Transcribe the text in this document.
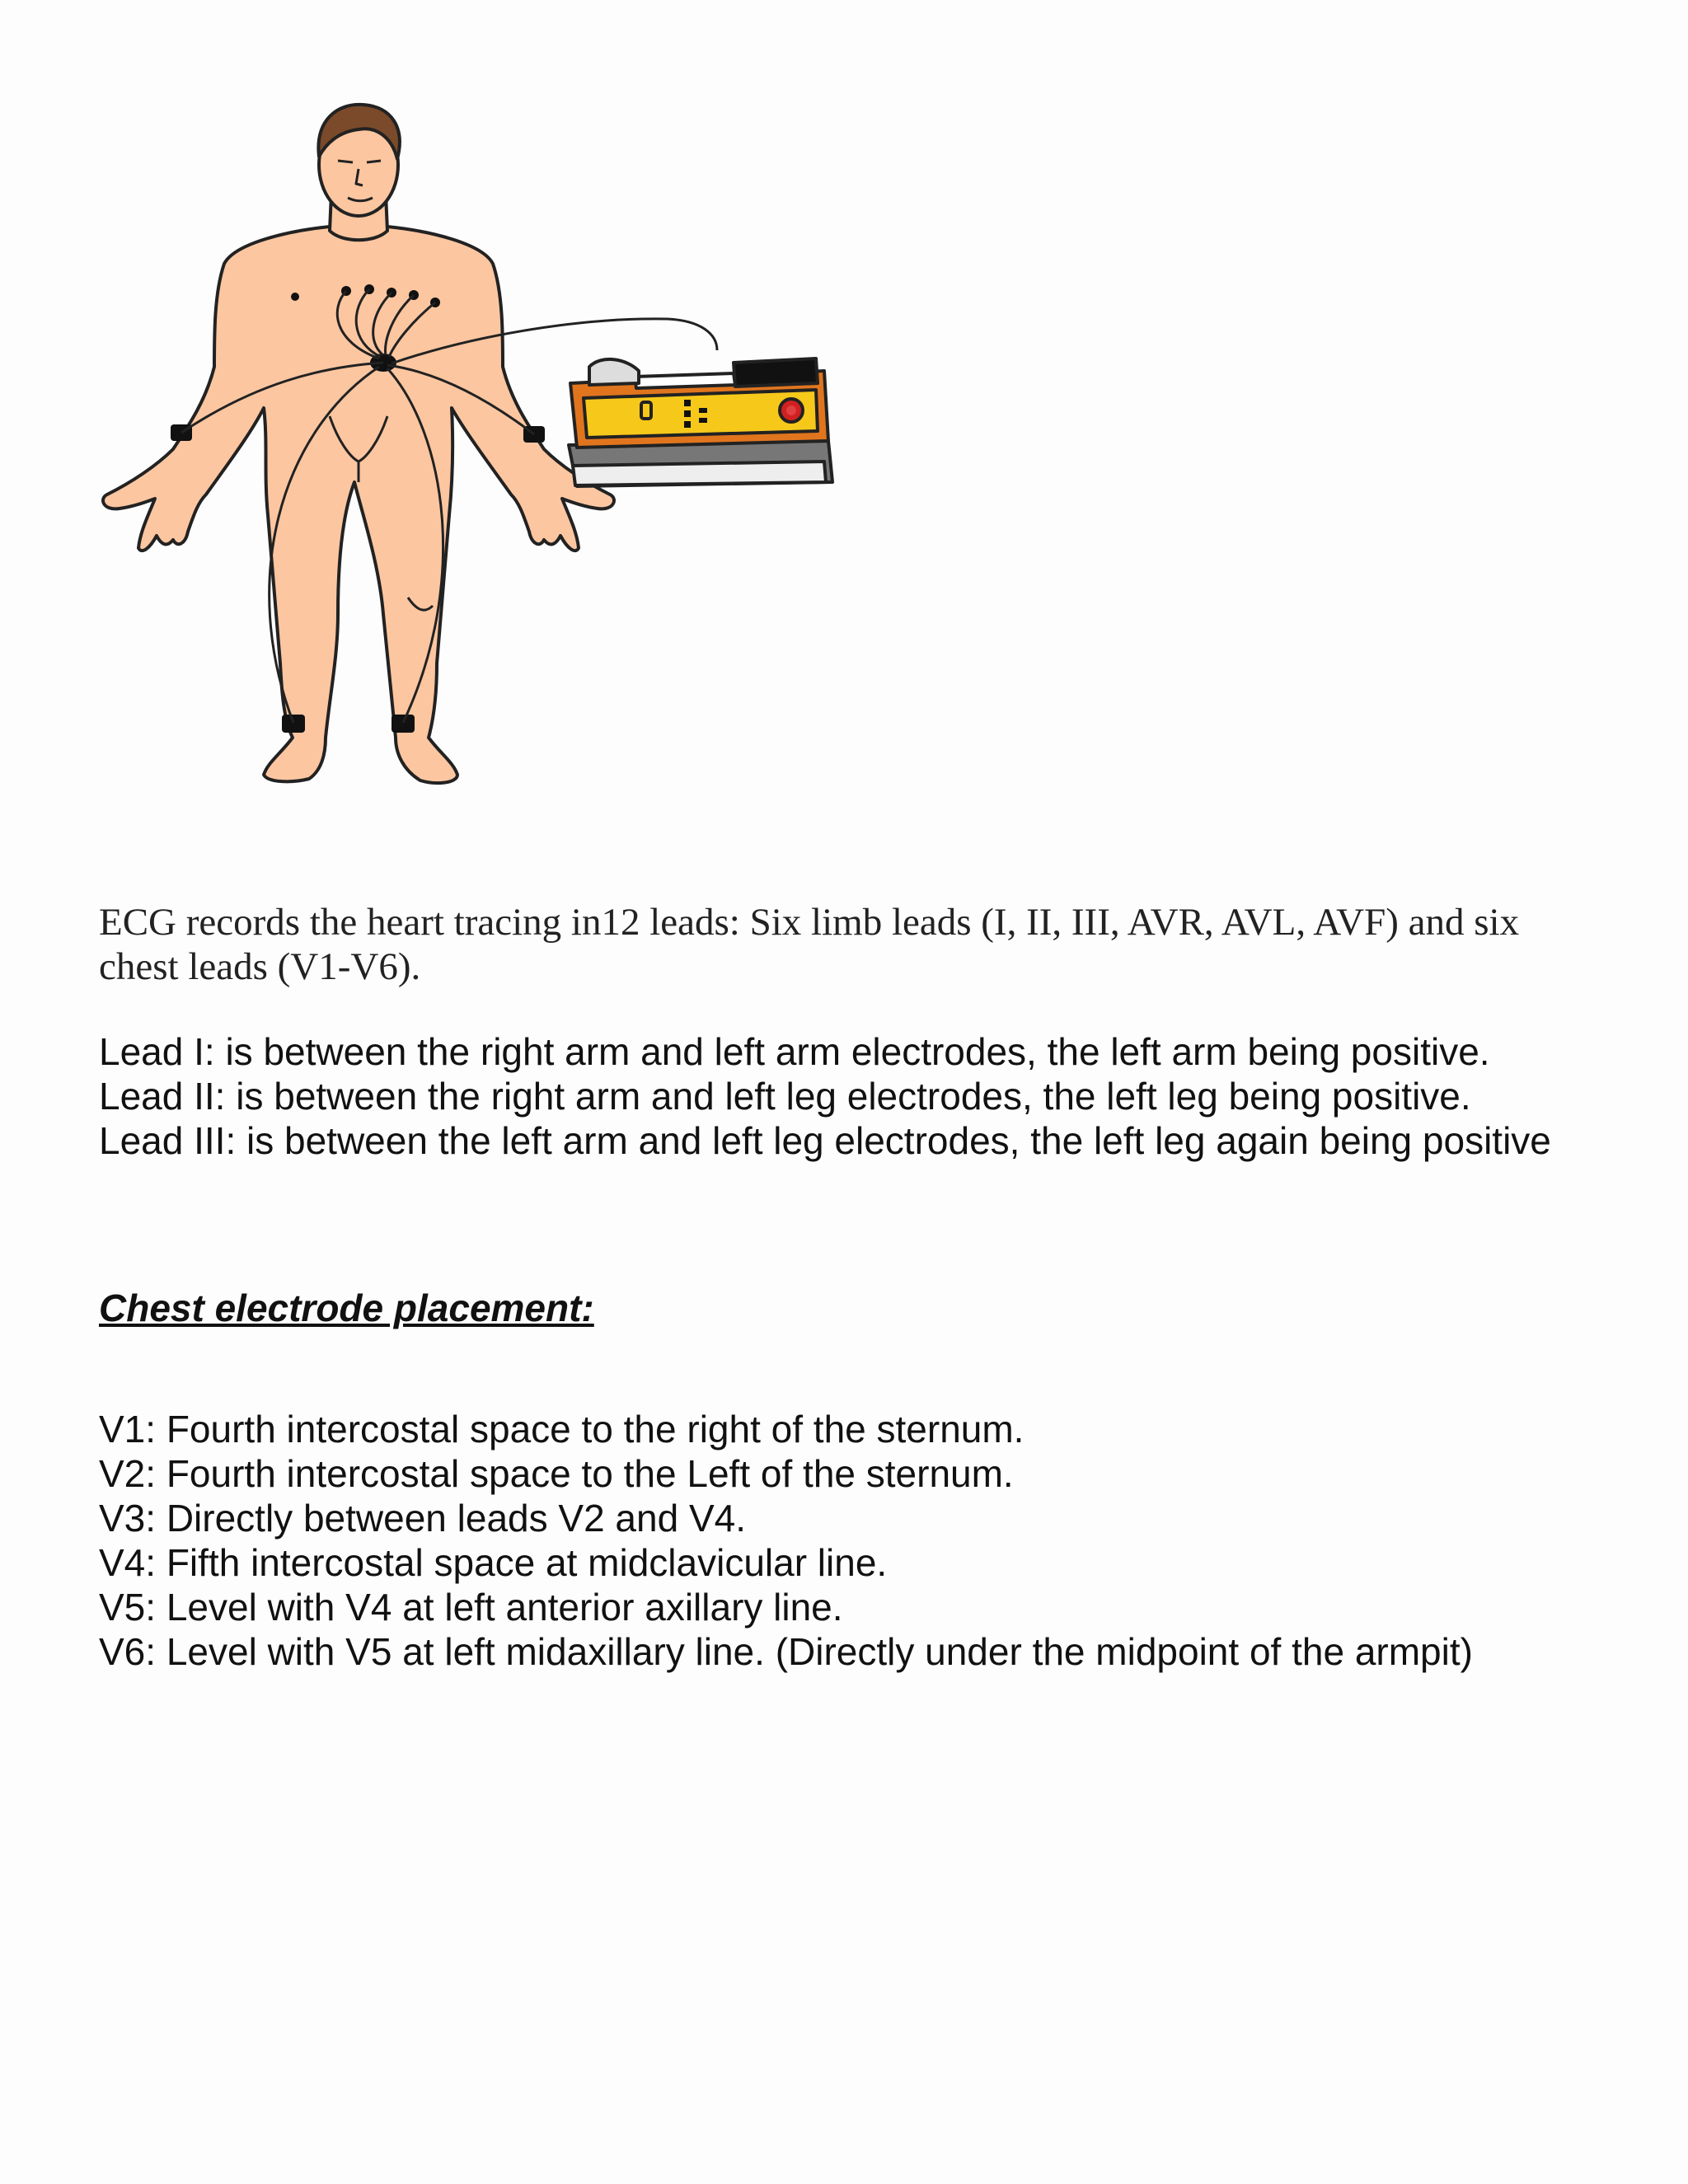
ECG records the heart tracing in12 leads: Six limb leads (I, II, III, AVR, AVL, AVF) and six
chest leads (V1-V6).

Lead I: is between the right arm and left arm electrodes, the left arm being positive.
Lead II: is between the right arm and left leg electrodes, the left leg being positive.
Lead III: is between the left arm and left leg electrodes, the left leg again being positive
Chest electrode placement:
V1: Fourth intercostal space to the right of the sternum.
V2: Fourth intercostal space to the Left of the sternum.
V3: Directly between leads V2 and V4.
V4: Fifth intercostal space at midclavicular line.
V5: Level with V4 at left anterior axillary line.
V6: Level with V5 at left midaxillary line. (Directly under the midpoint of the armpit)
